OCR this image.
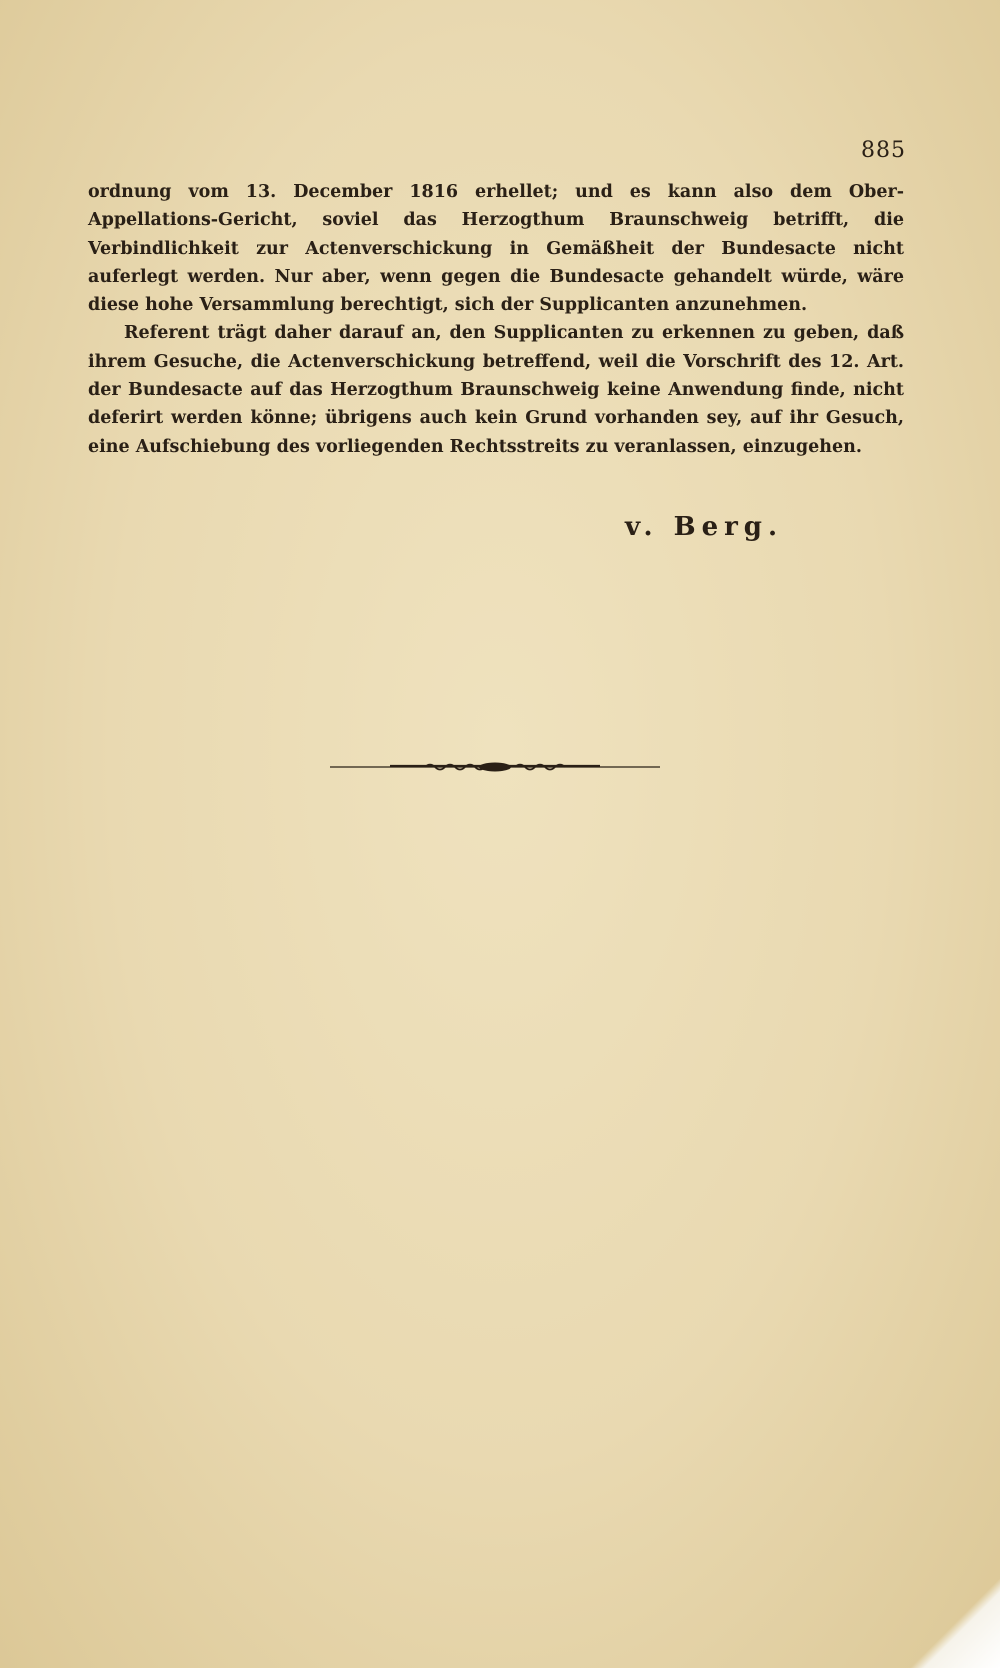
885

ordnung vom 13. December 1816 erhellet; und es kann also dem Ober-Appellations-Gericht, soviel das Herzogthum Braunschweig betrifft, die Verbindlichkeit zur Actenverschickung in Gemäßheit der Bundesacte nicht auferlegt werden. Nur aber, wenn gegen die Bundesacte gehandelt würde, wäre diese hohe Versammlung berechtigt, sich der Supplicanten anzunehmen.

Referent trägt daher darauf an, den Supplicanten zu erkennen zu geben, daß ihrem Gesuche, die Actenverschickung betreffend, weil die Vorschrift des 12. Art. der Bundesacte auf das Herzogthum Braunschweig keine Anwendung finde, nicht deferirt werden könne; übrigens auch kein Grund vorhanden sey, auf ihr Gesuch, eine Aufschiebung des vorliegenden Rechtsstreits zu veranlassen, einzugehen.

v. Berg.
